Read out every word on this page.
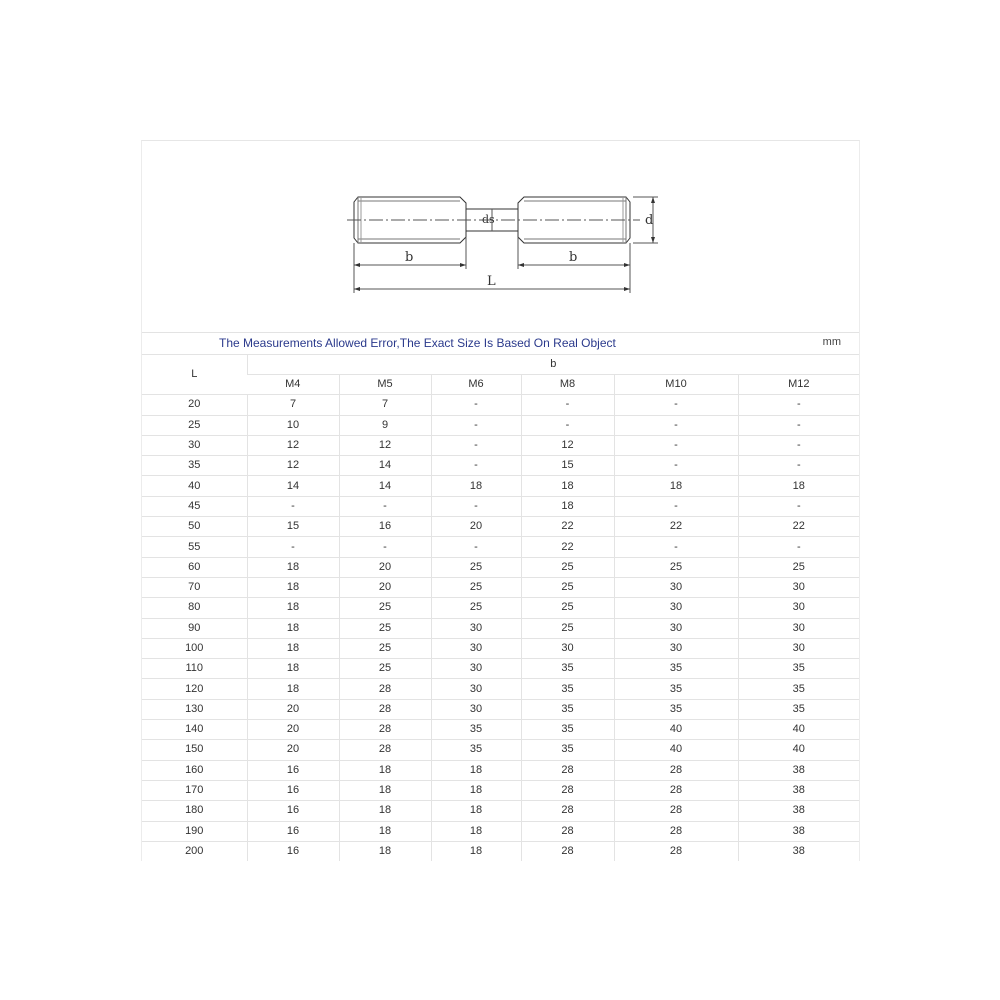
b	b
L
ds	d
The Measurements Allowed Error,The Exact Size Is Based On Real Object	mm
L	b					
	M4	M5	M6	M8	M10	M12
20	7	7	-	-	-	-
25	10	9	-	-	-	-
30	12	12	-	12	-	-
35	12	14	-	15	-	-
40	14	14	18	18	18	18
45	-	-	-	18	-	-
50	15	16	20	22	22	22
55	-	-	-	22	-	-
60	18	20	25	25	25	25
70	18	20	25	25	30	30
80	18	25	25	25	30	30
90	18	25	30	25	30	30
100	18	25	30	30	30	30
110	18	25	30	35	35	35
120	18	28	30	35	35	35
130	20	28	30	35	35	35
140	20	28	35	35	40	40
150	20	28	35	35	40	40
160	16	18	18	28	28	38
170	16	18	18	28	28	38
180	16	18	18	28	28	38
190	16	18	18	28	28	38
200	16	18	18	28	28	38
